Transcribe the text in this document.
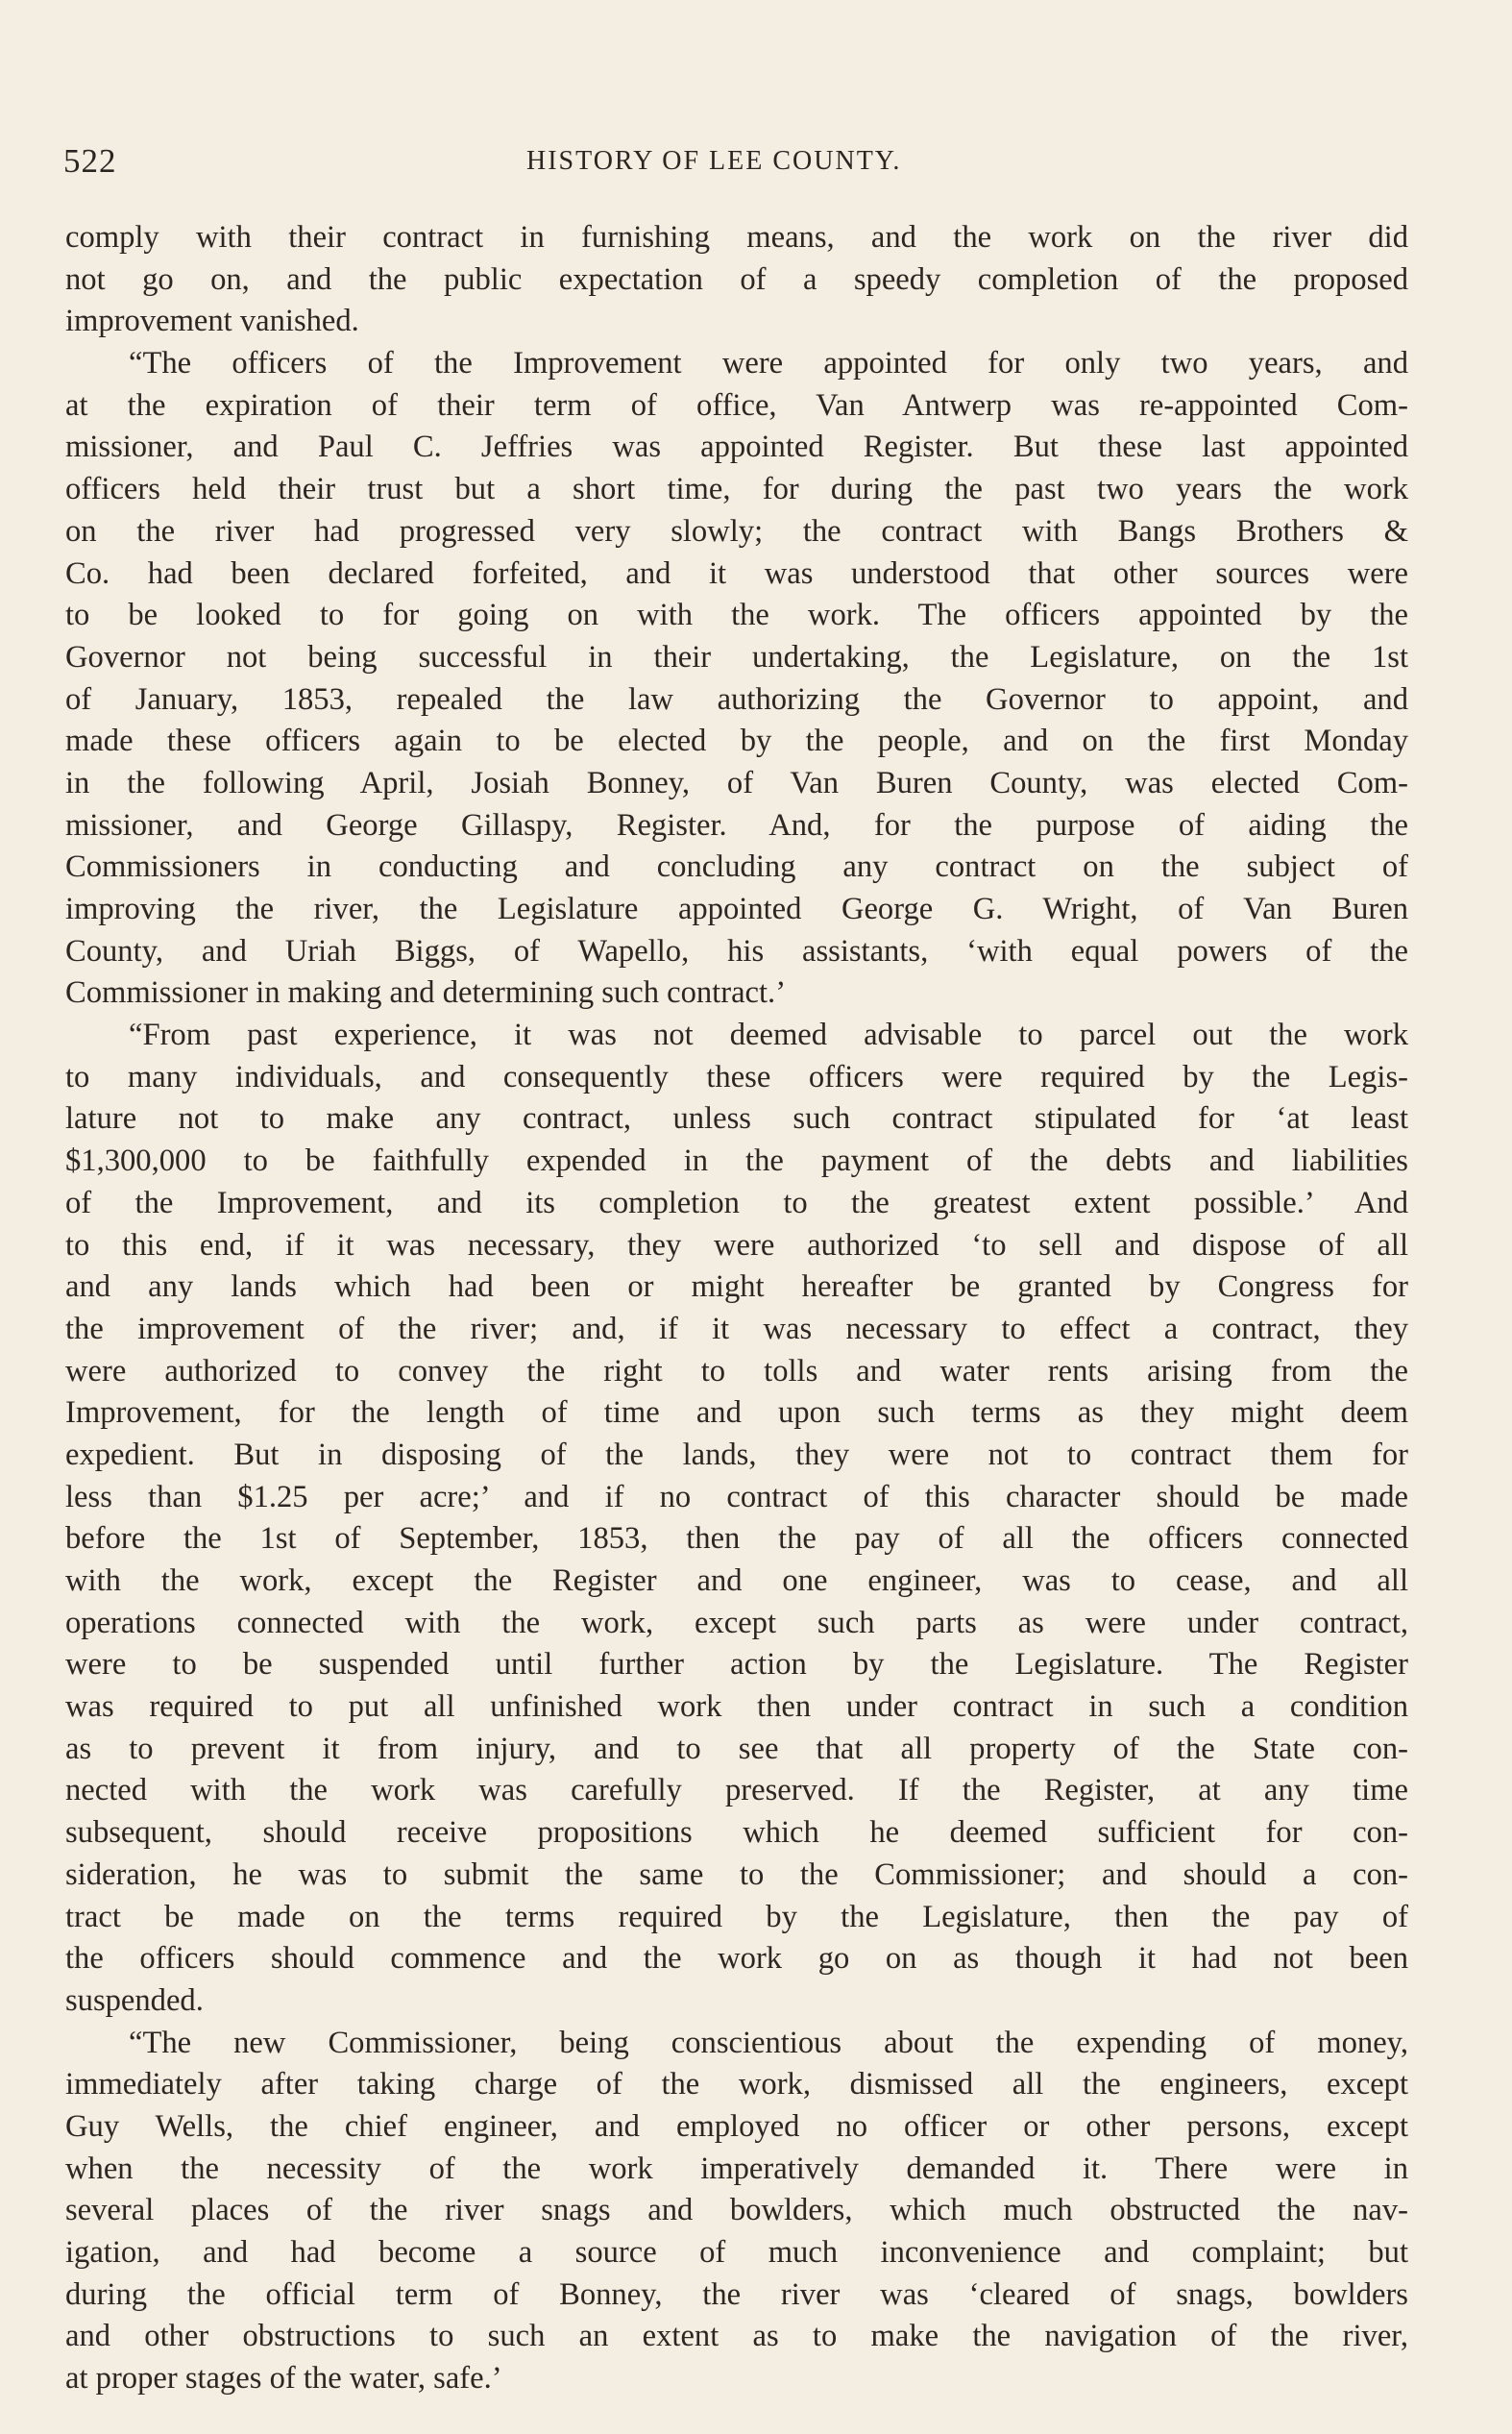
522	HISTORY OF LEE COUNTY.
comply with their contract in furnishing means, and the work on the river did
not go on, and the public expectation of a speedy completion of the proposed
improvement vanished.
“The officers of the Improvement were appointed for only two years, and
at the expiration of their term of office, Van Antwerp was re-appointed Com-
missioner, and Paul C. Jeffries was appointed Register. But these last appointed
officers held their trust but a short time, for during the past two years the work
on the river had progressed very slowly; the contract with Bangs Brothers &
Co. had been declared forfeited, and it was understood that other sources were
to be looked to for going on with the work. The officers appointed by the
Governor not being successful in their undertaking, the Legislature, on the 1st
of January, 1853, repealed the law authorizing the Governor to appoint, and
made these officers again to be elected by the people, and on the first Monday
in the following April, Josiah Bonney, of Van Buren County, was elected Com-
missioner, and George Gillaspy, Register. And, for the purpose of aiding the
Commissioners in conducting and concluding any contract on the subject of
improving the river, the Legislature appointed George G. Wright, of Van Buren
County, and Uriah Biggs, of Wapello, his assistants, ‘with equal powers of the
Commissioner in making and determining such contract.’
“From past experience, it was not deemed advisable to parcel out the work
to many individuals, and consequently these officers were required by the Legis-
lature not to make any contract, unless such contract stipulated for ‘at least
$1,300,000 to be faithfully expended in the payment of the debts and liabilities
of the Improvement, and its completion to the greatest extent possible.’ And
to this end, if it was necessary, they were authorized ‘to sell and dispose of all
and any lands which had been or might hereafter be granted by Congress for
the improvement of the river; and, if it was necessary to effect a contract, they
were authorized to convey the right to tolls and water rents arising from the
Improvement, for the length of time and upon such terms as they might deem
expedient. But in disposing of the lands, they were not to contract them for
less than $1.25 per acre;’ and if no contract of this character should be made
before the 1st of September, 1853, then the pay of all the officers connected
with the work, except the Register and one engineer, was to cease, and all
operations connected with the work, except such parts as were under contract,
were to be suspended until further action by the Legislature. The Register
was required to put all unfinished work then under contract in such a condition
as to prevent it from injury, and to see that all property of the State con-
nected with the work was carefully preserved. If the Register, at any time
subsequent, should receive propositions which he deemed sufficient for con-
sideration, he was to submit the same to the Commissioner; and should a con-
tract be made on the terms required by the Legislature, then the pay of
the officers should commence and the work go on as though it had not been
suspended.
“The new Commissioner, being conscientious about the expending of money,
immediately after taking charge of the work, dismissed all the engineers, except
Guy Wells, the chief engineer, and employed no officer or other persons, except
when the necessity of the work imperatively demanded it. There were in
several places of the river snags and bowlders, which much obstructed the nav-
igation, and had become a source of much inconvenience and complaint; but
during the official term of Bonney, the river was ‘cleared of snags, bowlders
and other obstructions to such an extent as to make the navigation of the river,
at proper stages of the water, safe.’
